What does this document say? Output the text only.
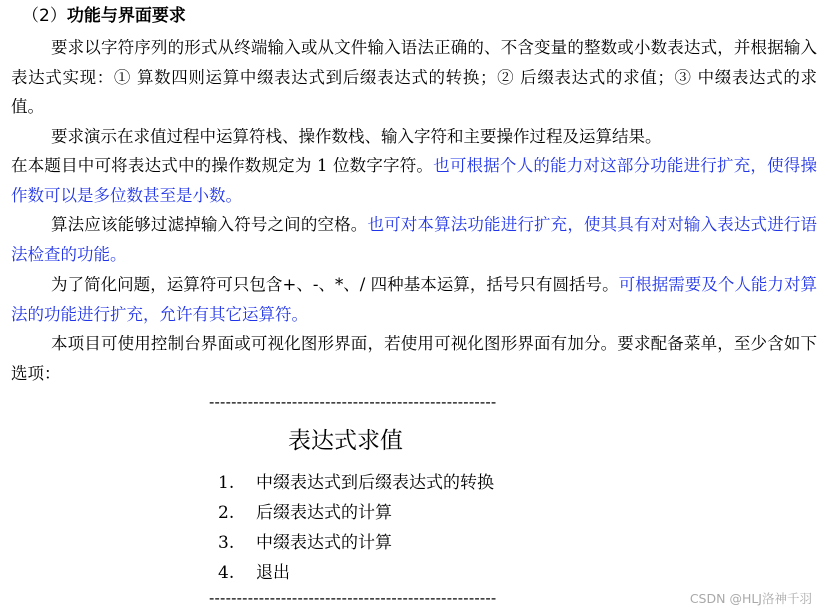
（2）功能与界面要求

要求以字符序列的形式从终端输入或从文件输入语法正确的、不含变量的整数或小数表达式，并根据输入表达式实现：① 算数四则运算中缀表达式到后缀表达式的转换；② 后缀表达式的求值；③ 中缀表达式的求值。

要求演示在求值过程中运算符栈、操作数栈、输入字符和主要操作过程及运算结果。

在本题目中可将表达式中的操作数规定为 1 位数字字符。也可根据个人的能力对这部分功能进行扩充，使得操作数可以是多位数甚至是小数。

算法应该能够过滤掉输入符号之间的空格。也可对本算法功能进行扩充，使其具有对对输入表达式进行语法检查的功能。

为了简化问题，运算符可只包含+、-、*、/ 四种基本运算，括号只有圆括号。可根据需要及个人能力对算法的功能进行扩充，允许有其它运算符。

本项目可使用控制台界面或可视化图形界面，若使用可视化图形界面有加分。要求配备菜单，至少含如下选项：

----------------------------------------------------
表达式求值
1. 中缀表达式到后缀表达式的转换
2. 后缀表达式的计算
3. 中缀表达式的计算
4. 退出
----------------------------------------------------	CSDN @HLJ洛神千羽
